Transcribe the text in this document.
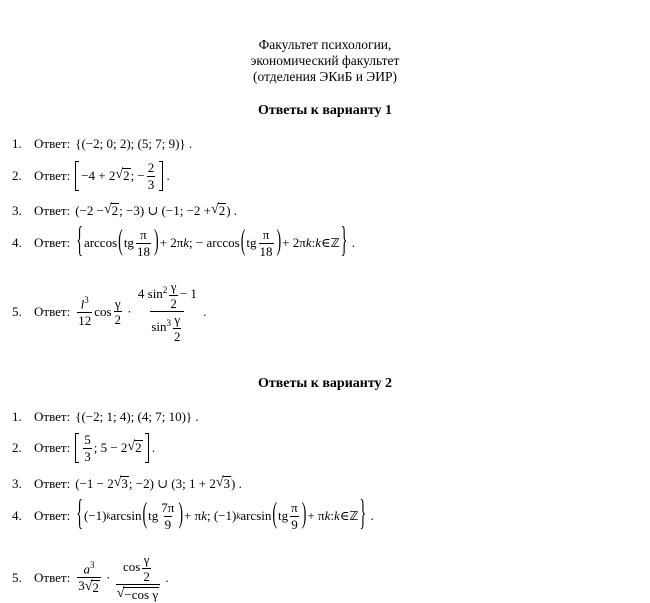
Факультет психологии,
экономический факультет
(отделения ЭКиБ и ЭИР)
Ответы к варианту 1
1. Ответ: {(−2; 0; 2); (5; 7; 9)} .
2. Ответ: −4 + 2 √ 2 ; − $\frac{2}{3}$ .
3. Ответ: (−2 − √ 2 ; −3) ∪ (−1; −2 + √ 2 ) .
4. Ответ: { arccos ( tg $\frac{\pi}{18}$ ) + 2π k ; − arccos ( tg $\frac{\pi}{18}$ ) + 2π k : k ∈ ℤ } .
5. Ответ: $\frac{l^3}{12}$ $\cos \frac{\gamma}{2} \cdot \frac{4 \sin^2 \frac{\gamma}{2} - 1}{\sin^3 \frac{\gamma}{2}}$ .
Ответы к варианту 2
1. Ответ: {(−2; 1; 4); (4; 7; 10)} .
2. Ответ: $\frac{5}{3}$ ; 5 − 2 √ 2 .
3. Ответ: (−1 − 2 √ 3 ; −2) ∪ (3; 1 + 2 √ 3 ) .
4. Ответ: { (−1) k arcsin ( tg $\frac{7\pi}{9}$ ) + π k ; (−1) k arcsin ( tg $\frac{\pi}{9}$ ) + π k : k ∈ ℤ } .
5. Ответ: $\frac{a^3}{3 √ 2} \cdot \frac{\cos \frac{\gamma}{2}}{\text{√ −cos γ}}$ .
